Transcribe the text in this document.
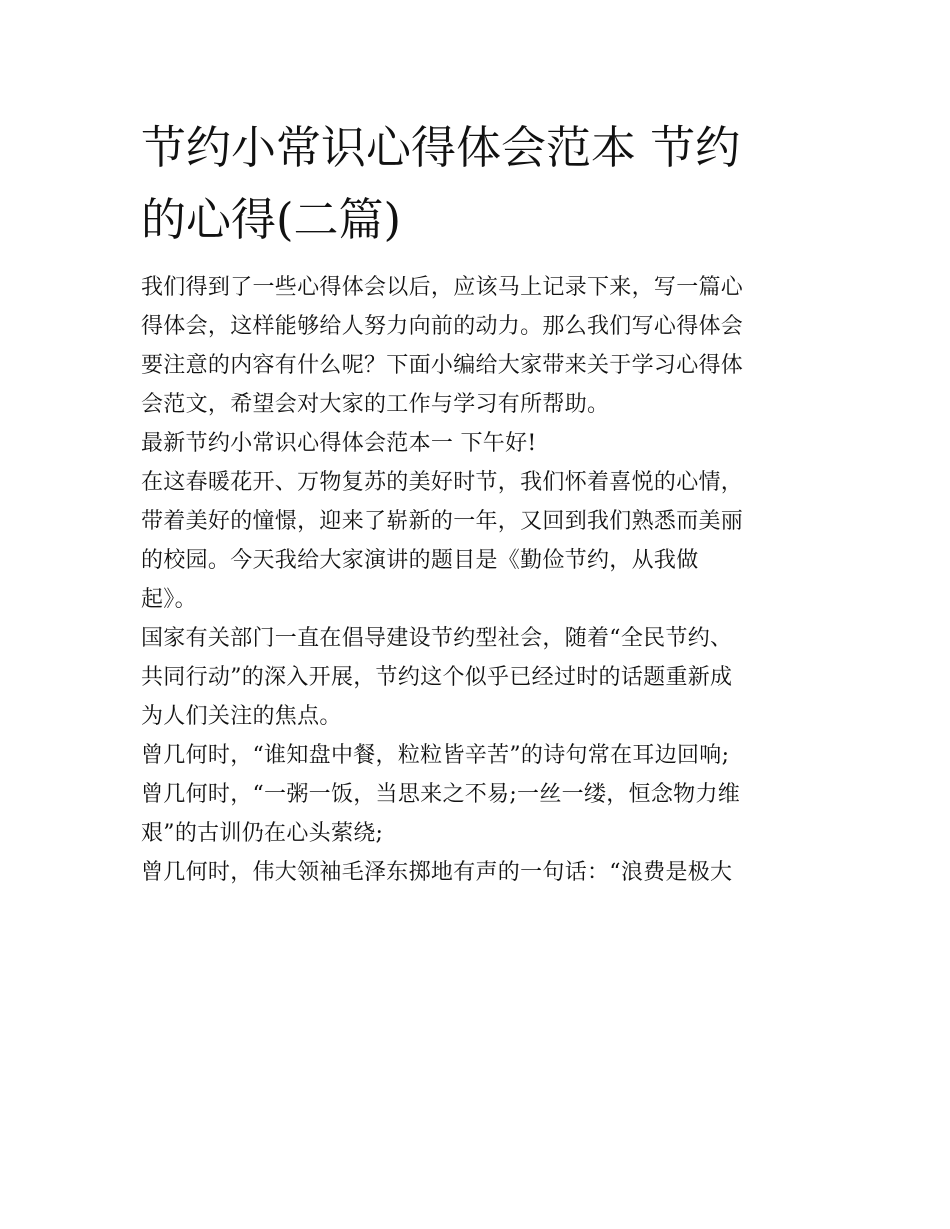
节约小常识心得体会范本 节约
的心得(二篇)

我们得到了一些心得体会以后，应该马上记录下来，写一篇心
得体会，这样能够给人努力向前的动力。那么我们写心得体会
要注意的内容有什么呢？下面小编给大家带来关于学习心得体
会范文，希望会对大家的工作与学习有所帮助。

最新节约小常识心得体会范本一 下午好!

在这春暖花开、万物复苏的美好时节，我们怀着喜悦的心情，
带着美好的憧憬，迎来了崭新的一年，又回到我们熟悉而美丽
的校园。今天我给大家演讲的题目是《勤俭节约，从我做
起》。

国家有关部门一直在倡导建设节约型社会，随着“全民节约、
共同行动”的深入开展，节约这个似乎已经过时的话题重新成
为人们关注的焦点。

曾几何时，“谁知盘中餐，粒粒皆辛苦”的诗句常在耳边回响;

曾几何时，“一粥一饭，当思来之不易;一丝一缕，恒念物力维
艰”的古训仍在心头萦绕;

曾几何时，伟大领袖毛泽东掷地有声的一句话：“浪费是极大
